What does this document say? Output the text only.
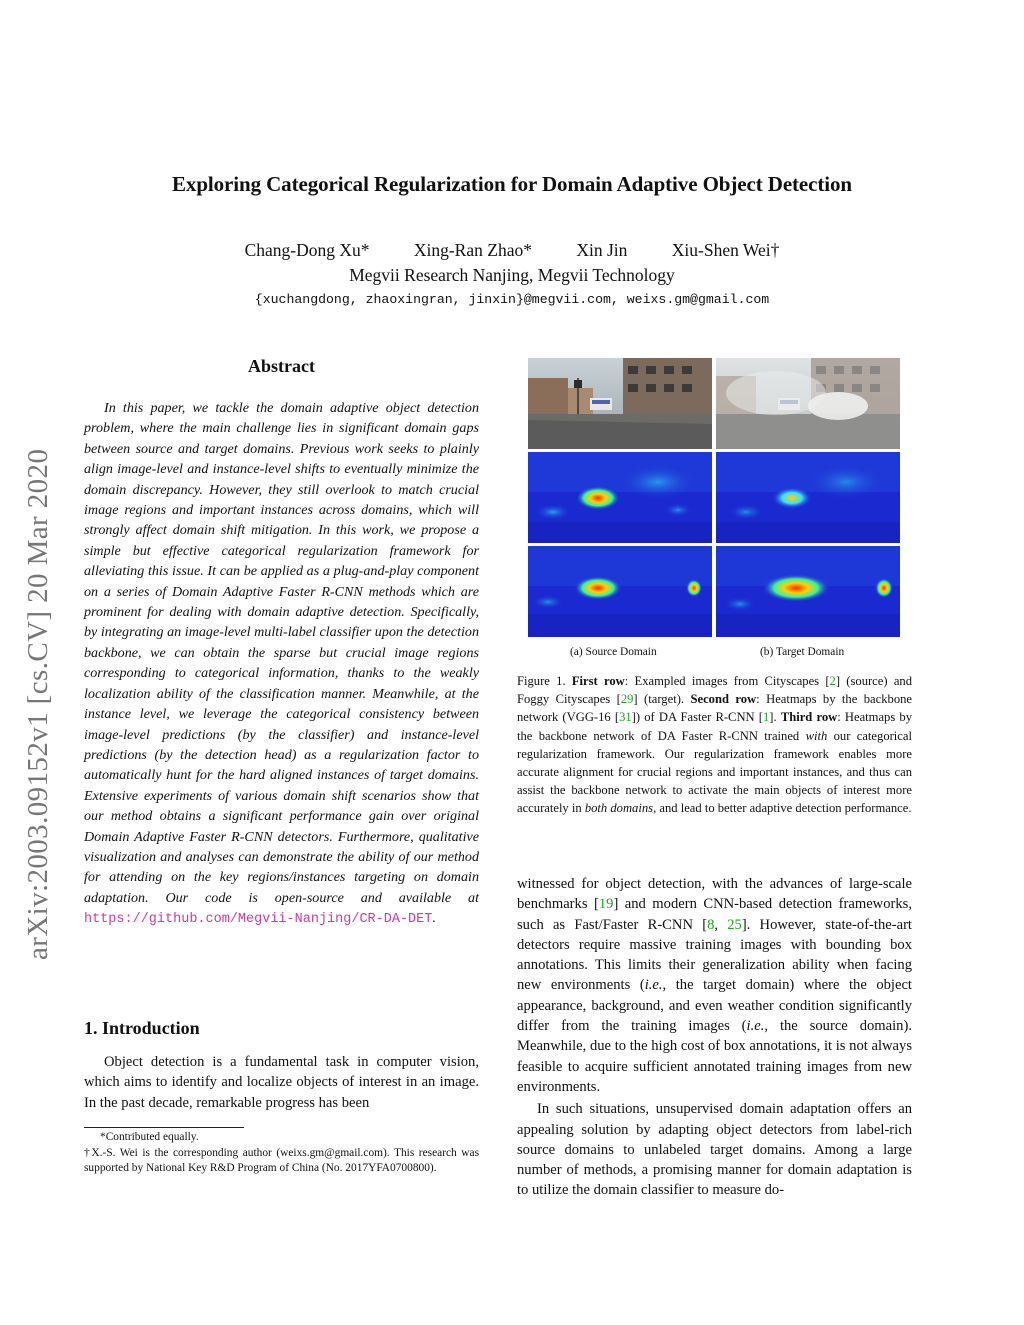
Exploring Categorical Regularization for Domain Adaptive Object Detection
Chang-Dong Xu*	Xing-Ran Zhao*	Xin Jin	Xiu-Shen Wei†
Megvii Research Nanjing, Megvii Technology
{xuchangdong, zhaoxingran, jinxin}@megvii.com, weixs.gm@gmail.com
arXiv:2003.09152v1 [cs.CV] 20 Mar 2020
Abstract
In this paper, we tackle the domain adaptive object detection problem, where the main challenge lies in significant domain gaps between source and target domains. Previous work seeks to plainly align image-level and instance-level shifts to eventually minimize the domain discrepancy. However, they still overlook to match crucial image regions and important instances across domains, which will strongly affect domain shift mitigation. In this work, we propose a simple but effective categorical regularization framework for alleviating this issue. It can be applied as a plug-and-play component on a series of Domain Adaptive Faster R-CNN methods which are prominent for dealing with domain adaptive detection. Specifically, by integrating an image-level multi-label classifier upon the detection backbone, we can obtain the sparse but crucial image regions corresponding to categorical information, thanks to the weakly localization ability of the classification manner. Meanwhile, at the instance level, we leverage the categorical consistency between image-level predictions (by the classifier) and instance-level predictions (by the detection head) as a regularization factor to automatically hunt for the hard aligned instances of target domains. Extensive experiments of various domain shift scenarios show that our method obtains a significant performance gain over original Domain Adaptive Faster R-CNN detectors. Furthermore, qualitative visualization and analyses can demonstrate the ability of our method for attending on the key regions/instances targeting on domain adaptation. Our code is open-source and available at https://github.com/Megvii-Nanjing/CR-DA-DET.
1. Introduction
Object detection is a fundamental task in computer vision, which aims to identify and localize objects of interest in an image. In the past decade, remarkable progress has been

*Contributed equally.

†X.-S. Wei is the corresponding author (weixs.gm@gmail.com). This research was supported by National Key R&D Program of China (No. 2017YFA0700800).

(a) Source Domain	(b) Target Domain
Figure 1. First row: Exampled images from Cityscapes [2] (source) and Foggy Cityscapes [29] (target). Second row: Heatmaps by the backbone network (VGG-16 [31]) of DA Faster R-CNN [1]. Third row: Heatmaps by the backbone network of DA Faster R-CNN trained with our categorical regularization framework. Our regularization framework enables more accurate alignment for crucial regions and important instances, and thus can assist the backbone network to activate the main objects of interest more accurately in both domains, and lead to better adaptive detection performance.

witnessed for object detection, with the advances of large-scale benchmarks [19] and modern CNN-based detection frameworks, such as Fast/Faster R-CNN [8, 25]. However, state-of-the-art detectors require massive training images with bounding box annotations. This limits their generalization ability when facing new environments (i.e., the target domain) where the object appearance, background, and even weather condition significantly differ from the training images (i.e., the source domain). Meanwhile, due to the high cost of box annotations, it is not always feasible to acquire sufficient annotated training images from new environments.

In such situations, unsupervised domain adaptation offers an appealing solution by adapting object detectors from label-rich source domains to unlabeled target domains. Among a large number of methods, a promising manner for domain adaptation is to utilize the domain classifier to measure do-
